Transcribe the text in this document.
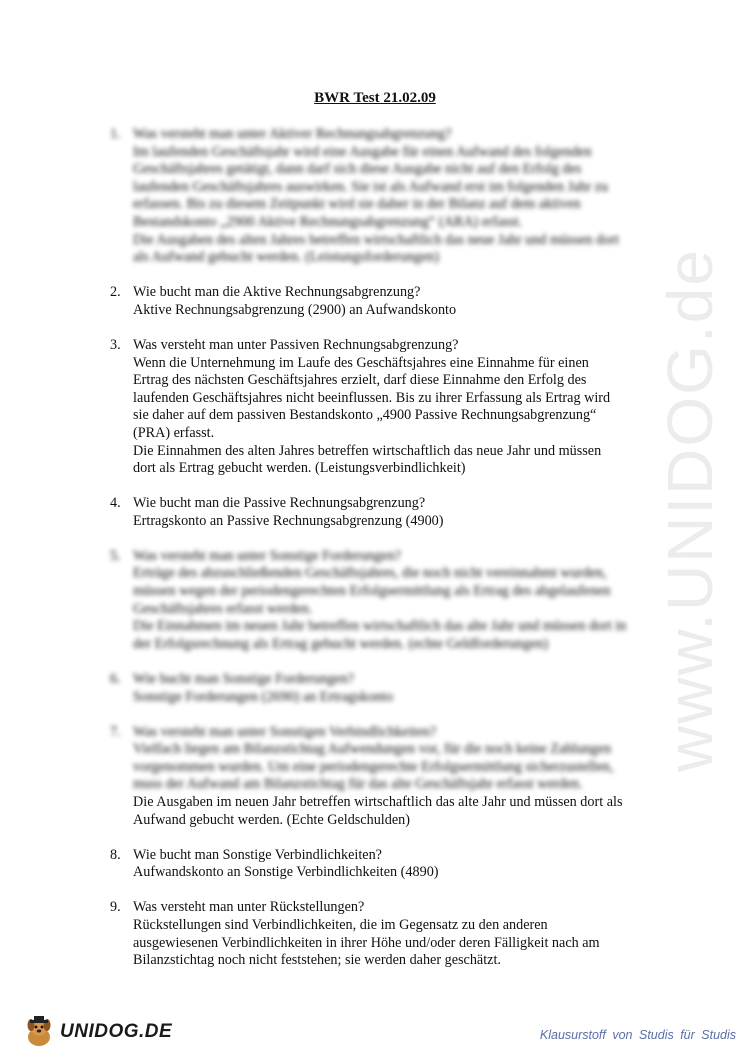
www.UNIDOG.de
BWR Test 21.02.09
1. Was versteht man unter Aktiver Rechnungsabgrenzung?
Im laufenden Geschäftsjahr wird eine Ausgabe für einen Aufwand des folgenden
Geschäftsjahres getätigt, dann darf sich diese Ausgabe nicht auf den Erfolg des
laufenden Geschäftsjahres auswirken. Sie ist als Aufwand erst im folgenden Jahr zu
erfassen. Bis zu diesem Zeitpunkt wird sie daher in der Bilanz auf dem aktiven
Bestandskonto „2900 Aktive Rechnungsabgrenzung“ (ARA) erfasst.
Die Ausgaben des alten Jahres betreffen wirtschaftlich das neue Jahr und müssen dort
als Aufwand gebucht werden. (Leistungsforderungen)
2. Wie bucht man die Aktive Rechnungsabgrenzung?
Aktive Rechnungsabgrenzung (2900) an Aufwandskonto
3. Was versteht man unter Passiven Rechnungsabgrenzung?
Wenn die Unternehmung im Laufe des Geschäftsjahres eine Einnahme für einen
Ertrag des nächsten Geschäftsjahres erzielt, darf diese Einnahme den Erfolg des
laufenden Geschäftsjahres nicht beeinflussen. Bis zu ihrer Erfassung als Ertrag wird
sie daher auf dem passiven Bestandskonto „4900 Passive Rechnungsabgrenzung“
(PRA) erfasst.
Die Einnahmen des alten Jahres betreffen wirtschaftlich das neue Jahr und müssen
dort als Ertrag gebucht werden. (Leistungsverbindlichkeit)
4. Wie bucht man die Passive Rechnungsabgrenzung?
Ertragskonto an Passive Rechnungsabgrenzung (4900)
5. Was versteht man unter Sonstige Forderungen?
Erträge des abzuschließenden Geschäftsjahres, die noch nicht vereinnahmt wurden,
müssen wegen der periodengerechten Erfolgsermittlung als Ertrag des abgelaufenen
Geschäftsjahres erfasst werden.
Die Einnahmen im neuen Jahr betreffen wirtschaftlich das alte Jahr und müssen dort in
der Erfolgsrechnung als Ertrag gebucht werden. (echte Geldforderungen)
6. Wie bucht man Sonstige Forderungen?
Sonstige Forderungen (2690) an Ertragskonto
7. Was versteht man unter Sonstigen Verbindlichkeiten?
Vielfach liegen am Bilanzstichtag Aufwendungen vor, für die noch keine Zahlungen
vorgenommen wurden. Um eine periodengerechte Erfolgsermittlung sicherzustellen,
muss der Aufwand am Bilanzstichtag für das alte Geschäftsjahr erfasst werden.
Die Ausgaben im neuen Jahr betreffen wirtschaftlich das alte Jahr und müssen dort als
Aufwand gebucht werden. (Echte Geldschulden)
8. Wie bucht man Sonstige Verbindlichkeiten?
Aufwandskonto an Sonstige Verbindlichkeiten (4890)
9. Was versteht man unter Rückstellungen?
Rückstellungen sind Verbindlichkeiten, die im Gegensatz zu den anderen
ausgewiesenen Verbindlichkeiten in ihrer Höhe und/oder deren Fälligkeit nach am
Bilanzstichtag noch nicht feststehen; sie werden daher geschätzt.
UNIDOG.DE	Klausurstoff von Studis für Studis
